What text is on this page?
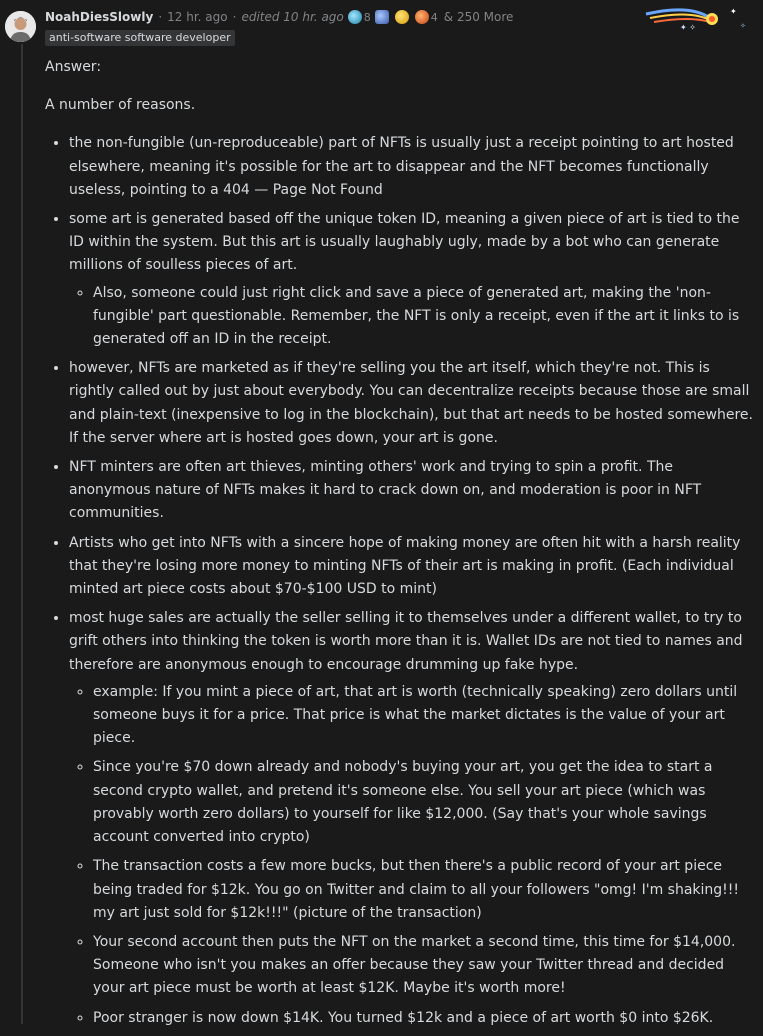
NoahDiesSlowly · 12 hr. ago · edited 10 hr. ago 8	4 & 250 More
anti-software software developer
✦ ✧
✦
✧

Answer:

A number of reasons.

• the non-fungible (un-reproduceable) part of NFTs is usually just a receipt pointing to art hosted elsewhere, meaning it's possible for the art to disappear and the NFT becomes functionally useless, pointing to a 404 — Page Not Found
• some art is generated based off the unique token ID, meaning a given piece of art is tied to the ID within the system. But this art is usually laughably ugly, made by a bot who can generate millions of soulless pieces of art.
◦ Also, someone could just right click and save a piece of generated art, making the 'non-fungible' part questionable. Remember, the NFT is only a receipt, even if the art it links to is generated off an ID in the receipt.
• however, NFTs are marketed as if they're selling you the art itself, which they're not. This is rightly called out by just about everybody. You can decentralize receipts because those are small and plain-text (inexpensive to log in the blockchain), but that art needs to be hosted somewhere. If the server where art is hosted goes down, your art is gone.
• NFT minters are often art thieves, minting others' work and trying to spin a profit. The anonymous nature of NFTs makes it hard to crack down on, and moderation is poor in NFT communities.
• Artists who get into NFTs with a sincere hope of making money are often hit with a harsh reality that they're losing more money to minting NFTs of their art is making in profit. (Each individual minted art piece costs about $70-$100 USD to mint)
• most huge sales are actually the seller selling it to themselves under a different wallet, to try to grift others into thinking the token is worth more than it is. Wallet IDs are not tied to names and therefore are anonymous enough to encourage drumming up fake hype.
◦ example: If you mint a piece of art, that art is worth (technically speaking) zero dollars until someone buys it for a price. That price is what the market dictates is the value of your art piece.
◦ Since you're $70 down already and nobody's buying your art, you get the idea to start a second crypto wallet, and pretend it's someone else. You sell your art piece (which was provably worth zero dollars) to yourself for like $12,000. (Say that's your whole savings account converted into crypto)
◦ The transaction costs a few more bucks, but then there's a public record of your art piece being traded for $12k. You go on Twitter and claim to all your followers "omg! I'm shaking!!! my art just sold for $12k!!!" (picture of the transaction)
◦ Your second account then puts the NFT on the market a second time, this time for $14,000. Someone who isn't you makes an offer because they saw your Twitter thread and decided your art piece must be worth at least $12K. Maybe it's worth more!
◦ Poor stranger is now down $14K. You turned $12k and a piece of art worth $0 into $26K.
